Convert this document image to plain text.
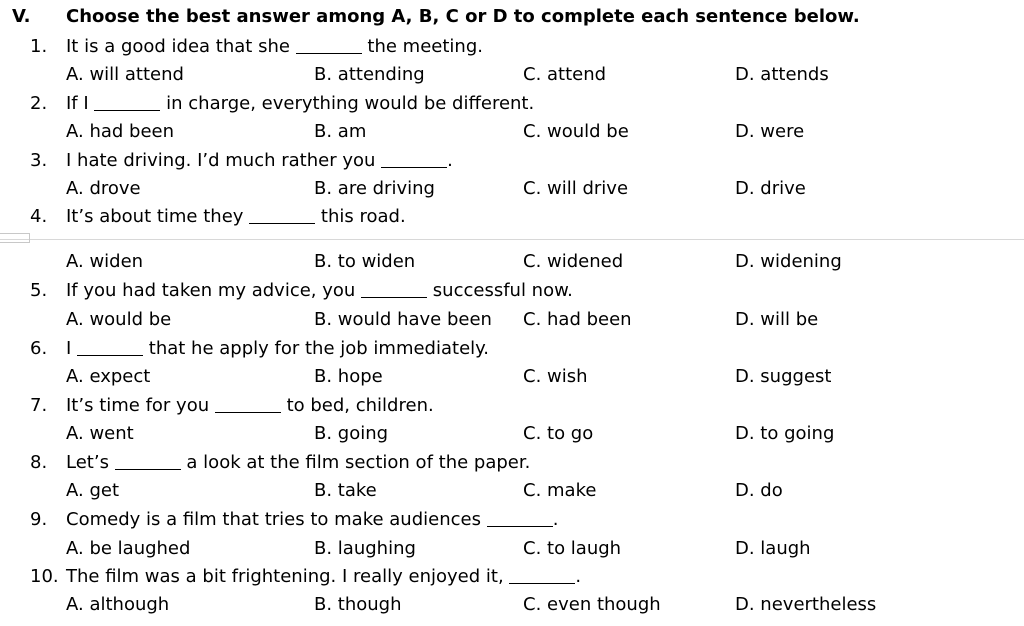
V. Choose the best answer among A, B, C or D to complete each sentence below.
1. It is a good idea that she	the meeting.
A. will attend	B. attending	C. attend	D. attends
2. If I	in charge, everything would be different.
A. had been	B. am	C. would be	D. were
3. I hate driving. I’d much rather you	.
A. drove	B. are driving	C. will drive	D. drive
4. It’s about time they	this road.
A. widen	B. to widen	C. widened	D. widening
5. If you had taken my advice, you	successful now.
A. would be	B. would have been C. had been	D. will be
6. I	that he apply for the job immediately.
A. expect	B. hope	C. wish	D. suggest
7. It’s time for you	to bed, children.
A. went	B. going	C. to go	D. to going
8. Let’s	a look at the film section of the paper.
A. get	B. take	C. make	D. do
9. Comedy is a film that tries to make audiences	.
A. be laughed	B. laughing	C. to laugh	D. laugh
10. The film was a bit frightening. I really enjoyed it,	.
A. although	B. though	C. even though	D. nevertheless
